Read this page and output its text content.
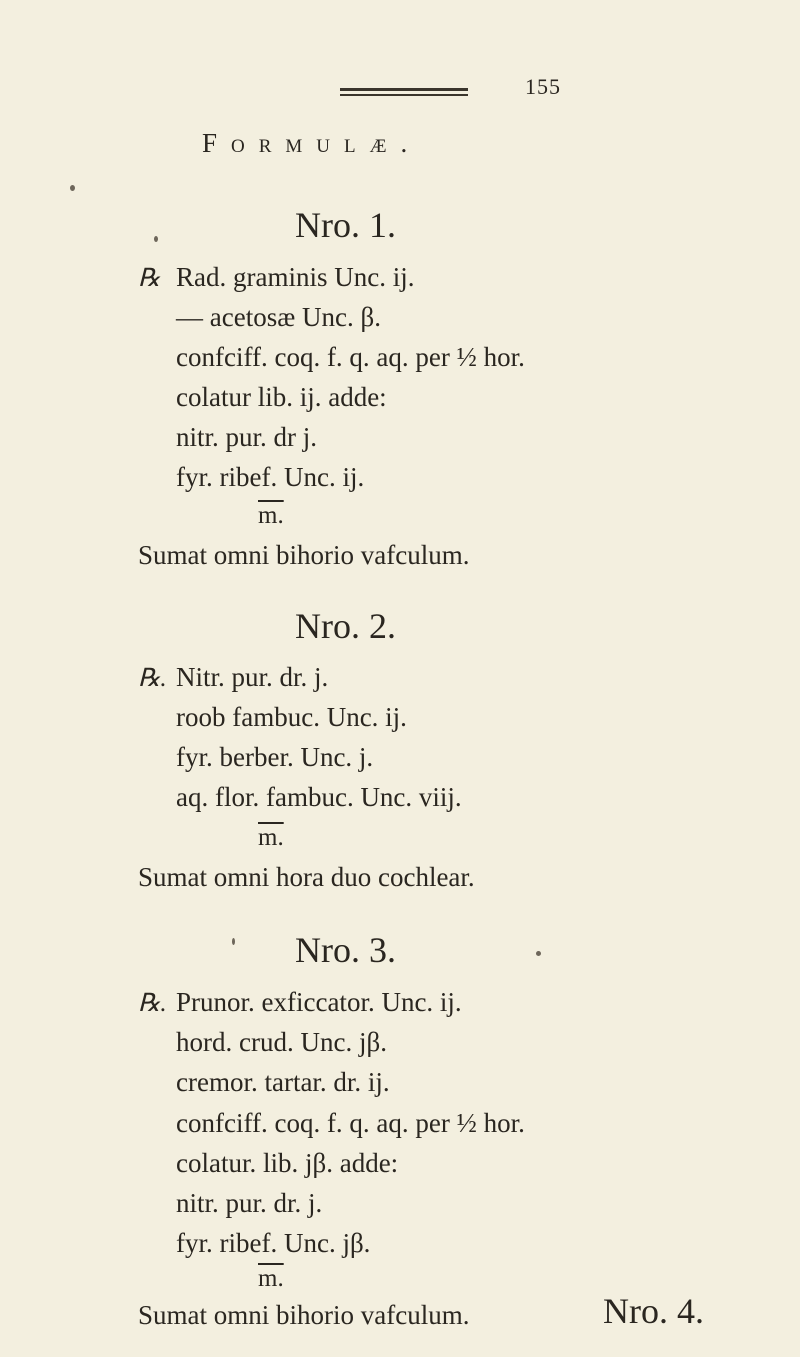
155
Formulæ.
Nro. 1.
℞ Rad. graminis Unc. ij.
— acetosæ Unc. β.
confciff. coq. f. q. aq. per ½ hor.
colatur lib. ij. adde:
nitr. pur. dr j.
fyr. ribef. Unc. ij.
m.
Sumat omni bihorio vafculum.
Nro. 2.
℞. Nitr. pur. dr. j.
roob fambuc. Unc. ij.
fyr. berber. Unc. j.
aq. flor. fambuc. Unc. viij.
m.
Sumat omni hora duo cochlear.
Nro. 3.
℞. Prunor. exficcator. Unc. ij.
hord. crud. Unc. jβ.
cremor. tartar. dr. ij.
confciff. coq. f. q. aq. per ½ hor.
colatur. lib. jβ. adde:
nitr. pur. dr. j.
fyr. ribef. Unc. jβ.
m.
Sumat omni bihorio vafculum.	Nro. 4.
